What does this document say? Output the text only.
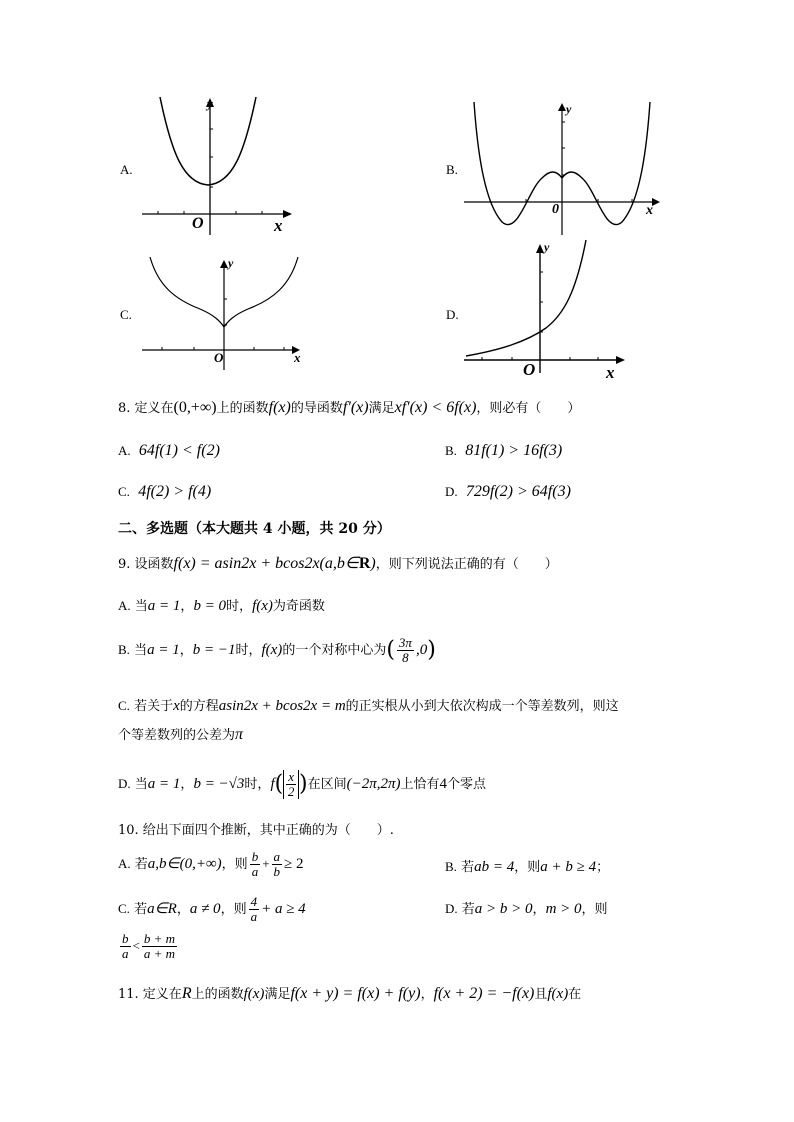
A.
y
O	x
B.
y
0	x
C.
y
O	x
D.
y
O	x
8. 定义在(0,+∞)上的函数f(x)的导函数f′(x)满足xf′(x) < 6f(x)，则必有（　　）
A. 64f(1) < f(2)	B. 81f(1) > 16f(3)
C. 4f(2) > f(4)	D. 729f(2) > 64f(3)
二、多选题（本大题共 4 小题，共 20 分）
9. 设函数f(x) = asin2x + bcos2x(a,b∈R)，则下列说法正确的有（　　）
A. 当a = 1，b = 0时，f(x)为奇函数
B. 当a = 1，b = −1时，f(x)的一个对称中心为( $\frac{3\pi}{8} ,0$)
C. 若关于x的方程asin2x + bcos2x = m的正实根从小到大依次构成一个等差数列，则这
个等差数列的公差为π
D. 当a = 1，b = −√3时，$f( \frac{x}{2}$ )在区间(−2π,2π)上恰有4个零点
10. 给出下面四个推断，其中正确的为（　　）.
A. 若a,b∈(0,+∞)，则 $\frac{b}{a} + \frac{a}{b} \ge 2$	B. 若ab = 4，则a + b ≥ 4；
C. 若a∈R，a ≠ 0，则 $\frac{4}{a} + a \ge 4$	D. 若a > b > 0，m > 0，则
$\frac{b}{a} < \frac{b + m}{a + m}$
11. 定义在R上的函数f(x)满足f(x + y) = f(x) + f(y)，f(x + 2) = −f(x)且f(x)在
